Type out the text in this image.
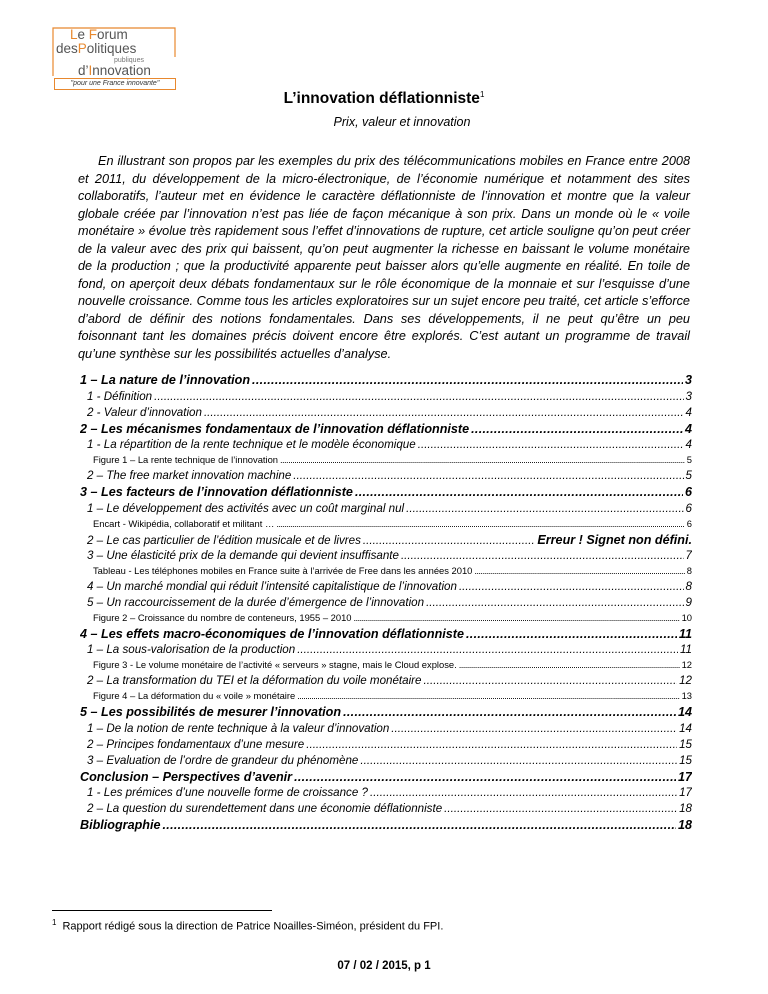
Le Forum
desPolitiques
publiques
d’Innovation
"pour une France innovante"
L’innovation déflationniste$^1$
Prix, valeur et innovation

En illustrant son propos par les exemples du prix des télécommunications mobiles en France entre 2008 et 2011, du développement de la micro-électronique, de l’économie numérique et notamment des sites collaboratifs, l’auteur met en évidence le caractère déflationniste de l’innovation et montre que la valeur globale créée par l’innovation n’est pas liée de façon mécanique à son prix. Dans un monde où le « voile monétaire » évolue très rapidement sous l’effet d’innovations de rupture, cet article souligne qu’on peut créer de la valeur avec des prix qui baissent, qu’on peut augmenter la richesse en baissant le volume monétaire de la production ; que la productivité apparente peut baisser alors qu’elle augmente en réalité. En toile de fond, on aperçoit deux débats fondamentaux sur le rôle économique de la monnaie et sur l’esquisse d’une nouvelle croissance. Comme tous les articles exploratoires sur un sujet encore peu traité, cet article s’efforce d’abord de définir des notions fondamentales. Dans ses développements, il ne peut qu’être un peu foisonnant tant les domaines précis doivent encore être explorés. C’est autant un programme de travail qu’une synthèse sur les possibilités actuelles d’analyse.

1 – La nature de l’innovation . . .	3
1 - Définition . . .	3
2 - Valeur d’innovation . . .	4
2 – Les mécanismes fondamentaux de l’innovation déflationniste . . .	4
1 - La répartition de la rente technique et le modèle économique . . .	4
Figure 1 – La rente technique de l’innovation . . .	5
2 – The free market innovation machine . . .	5
3 – Les facteurs de l’innovation déflationniste . . .	6
1 – Le développement des activités avec un coût marginal nul . . .	6
Encart - Wikipédia, collaboratif et militant … . . .	6
2 – Le cas particulier de l’édition musicale et de livres . . .	Erreur ! Signet non défini.
3 – Une élasticité prix de la demande qui devient insuffisante . . .	7
Tableau - Les téléphones mobiles en France suite à l’arrivée de Free dans les années 2010 . . .	8
4 – Un marché mondial qui réduit l’intensité capitalistique de l’innovation . . .	8
5 – Un raccourcissement de la durée d’émergence de l’innovation . . .	9
Figure 2 – Croissance du nombre de conteneurs, 1955 – 2010 . . .	10
4 – Les effets macro-économiques de l’innovation déflationniste . . .	11
1 – La sous-valorisation de la production . . .	11
Figure 3 - Le volume monétaire de l’activité « serveurs » stagne, mais le Cloud explose. . . .	12
2 – La transformation du TEI et la déformation du voile monétaire . . .	12
Figure 4 – La déformation du « voile » monétaire . . .	13
5 – Les possibilités de mesurer l’innovation . . .	14
1 – De la notion de rente technique à la valeur d’innovation . . .	14
2 – Principes fondamentaux d’une mesure . . .	15
3 – Evaluation de l’ordre de grandeur du phénomène . . .	15
Conclusion – Perspectives d’avenir . . .	17
1 - Les prémices d’une nouvelle forme de croissance ? . . .	17
2 – La question du surendettement dans une économie déflationniste . . .	18
Bibliographie . . .	18
$^1$ Rapport rédigé sous la direction de Patrice Noailles-Siméon, président du FPI.
07 / 02 / 2015, p 1
